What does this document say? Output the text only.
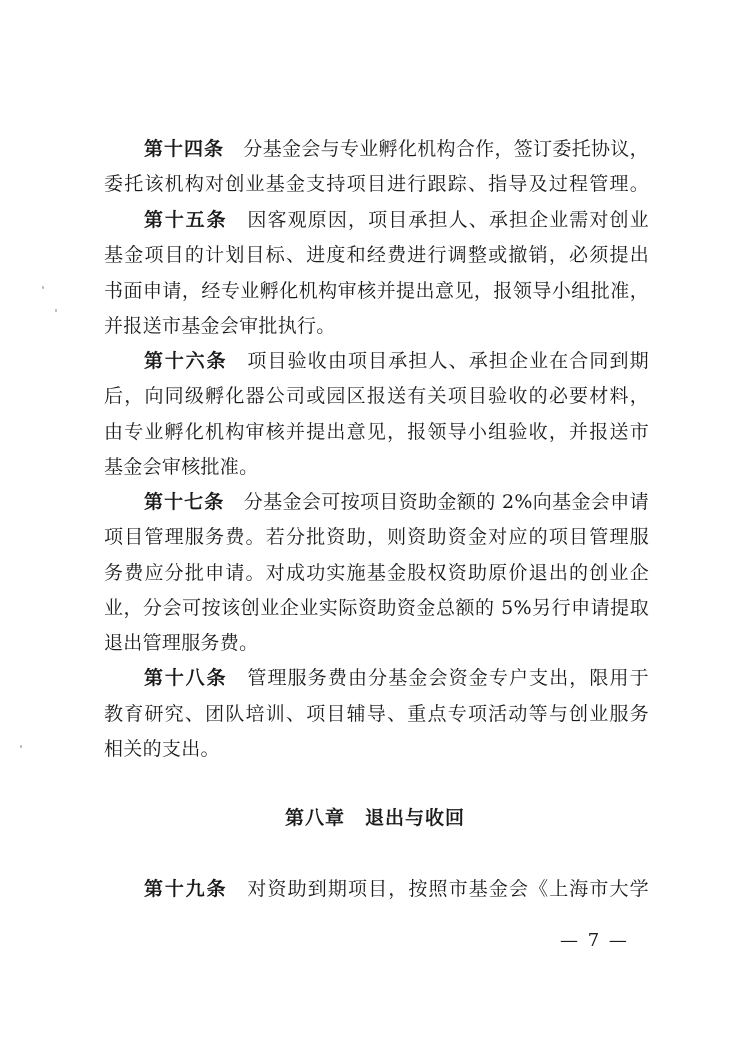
第十四条　 分基金会与专业孵化机构合作，签订委托协议，
委托该机构对创业基金支持项目进行跟踪、指导及过程管理。
第十五条　 因客观原因，项目承担人、承担企业需对创业
基金项目的计划目标、进度和经费进行调整或撤销，必须提出
书面申请，经专业孵化机构审核并提出意见，报领导小组批准，
并报送市基金会审批执行。
第十六条　 项目验收由项目承担人、承担企业在合同到期
后，向同级孵化器公司或园区报送有关项目验收的必要材料，
由专业孵化机构审核并提出意见，报领导小组验收，并报送市
基金会审核批准。
第十七条　 分基金会可按项目资助金额的 2%向基金会申请
项目管理服务费。若分批资助，则资助资金对应的项目管理服
务费应分批申请。对成功实施基金股权资助原价退出的创业企
业，分会可按该创业企业实际资助资金总额的 5%另行申请提取
退出管理服务费。
第十八条　 管理服务费由分基金会资金专户支出，限用于
教育研究、团队培训、项目辅导、重点专项活动等与创业服务
相关的支出。
第八章　退出与收回
第十九条　 对资助到期项目，按照市基金会《上海市大学
— 7 —
